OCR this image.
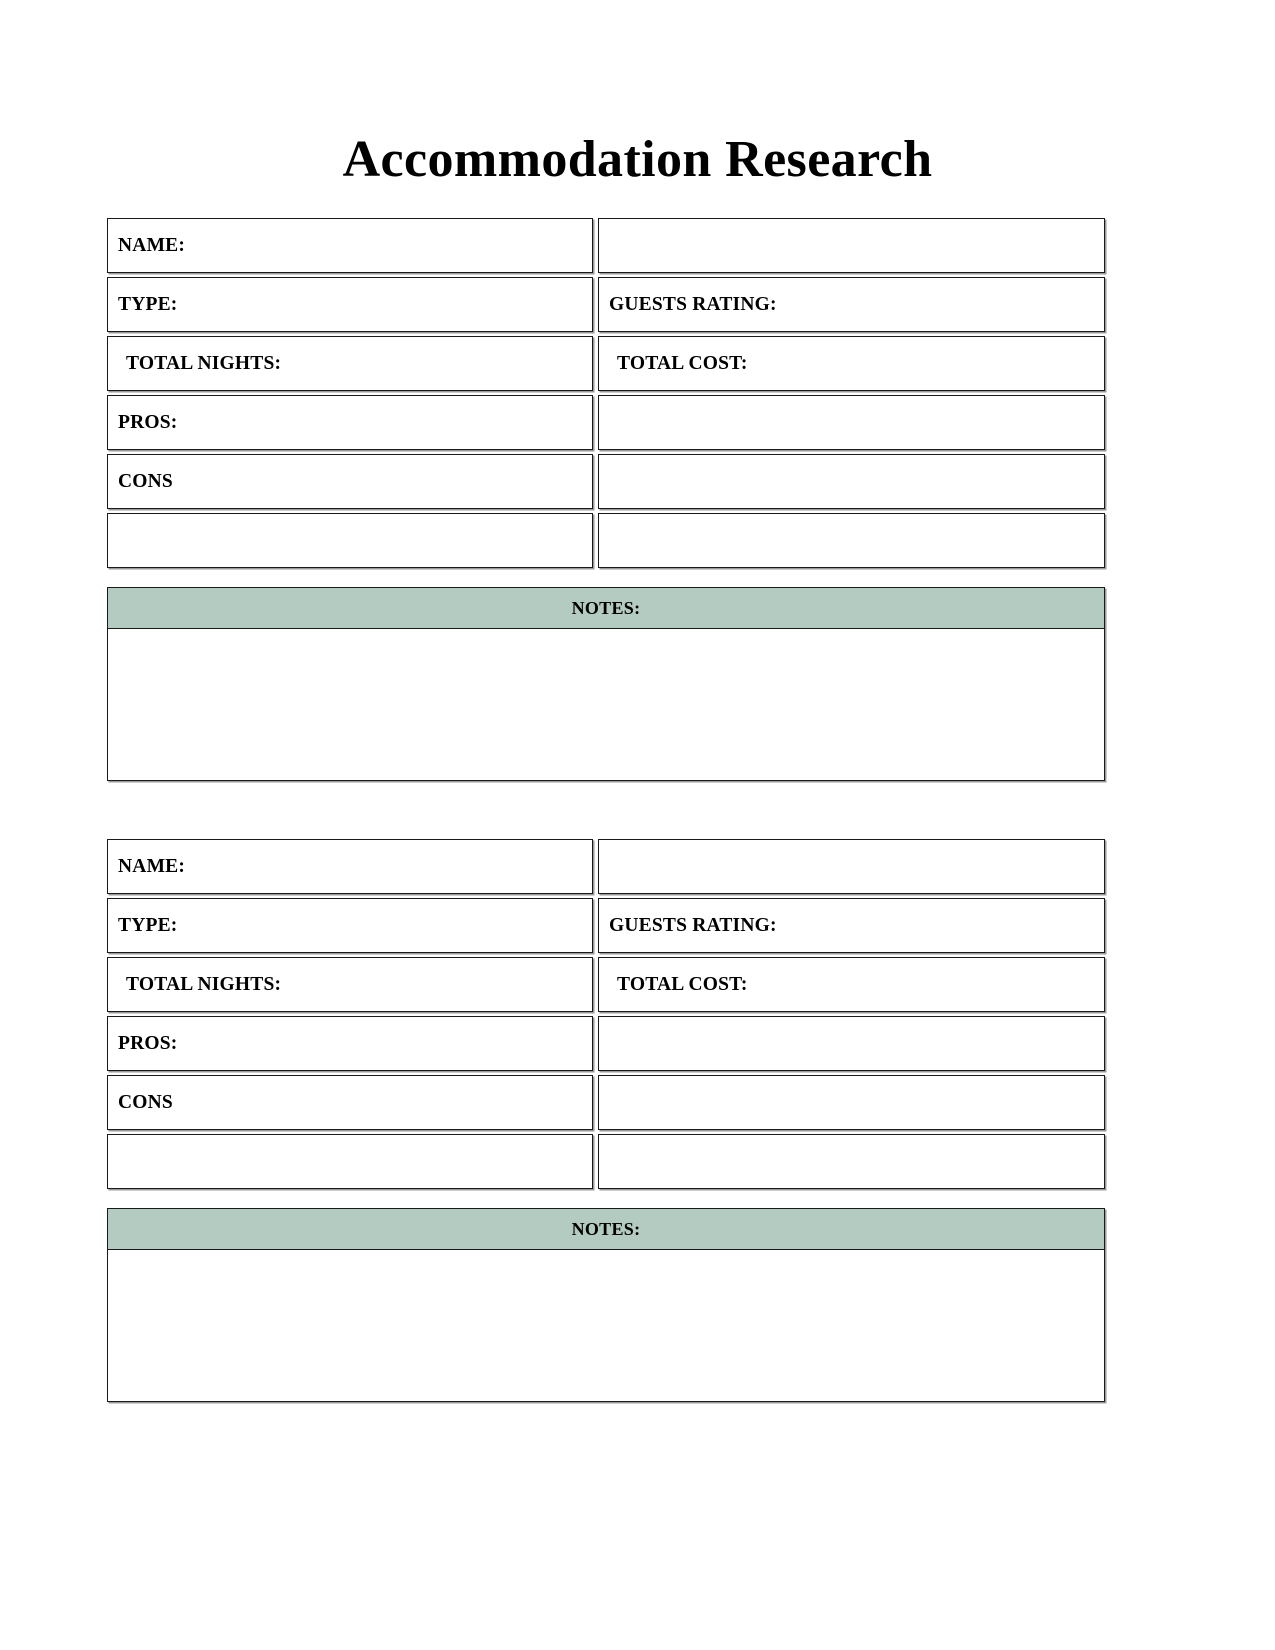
Accommodation Research
NAME:
TYPE:	GUESTS RATING:
TOTAL NIGHTS:	TOTAL COST:
PROS:
CONS
NOTES:
NAME:
TYPE:	GUESTS RATING:
TOTAL NIGHTS:	TOTAL COST:
PROS:
CONS
NOTES:
